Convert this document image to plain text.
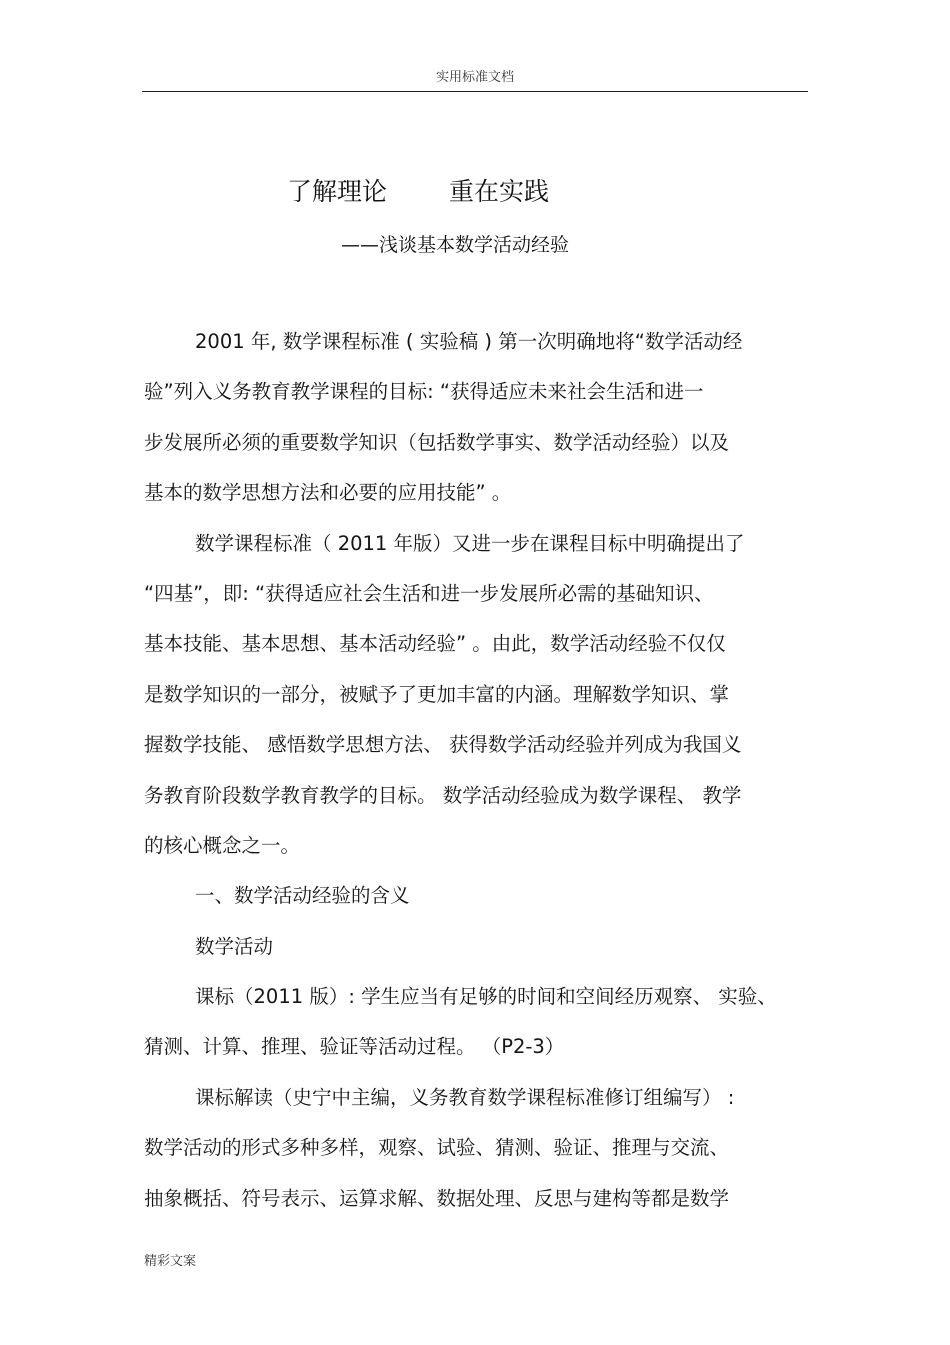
实用标准文档
了解理论 重在实践
——浅谈基本数学活动经验
2001 年, 数学课程标准 ( 实验稿 ) 第一次明确地将“数学活动经
验”列入义务教育教学课程的目标: “获得适应未来社会生活和进一
步发展所必须的重要数学知识（包括数学事实、数学活动经验）以及
基本的数学思想方法和必要的应用技能” 。
数学课程标准（ 2011 年版）又进一步在课程目标中明确提出了
“四基”，即: “获得适应社会生活和进一步发展所必需的基础知识、
基本技能、基本思想、基本活动经验” 。由此，数学活动经验不仅仅
是数学知识的一部分，被赋予了更加丰富的内涵。理解数学知识、掌
握数学技能、 感悟数学思想方法、 获得数学活动经验并列成为我国义
务教育阶段数学教育教学的目标。 数学活动经验成为数学课程、 教学
的核心概念之一。
一、数学活动经验的含义
数学活动
课标（2011 版）: 学生应当有足够的时间和空间经历观察、 实验、
猜测、计算、推理、验证等活动过程。 （P2-3）
课标解读（史宁中主编，义务教育数学课程标准修订组编写） :
数学活动的形式多种多样，观察、试验、猜测、验证、推理与交流、
抽象概括、符号表示、运算求解、数据处理、反思与建构等都是数学
精彩文案
